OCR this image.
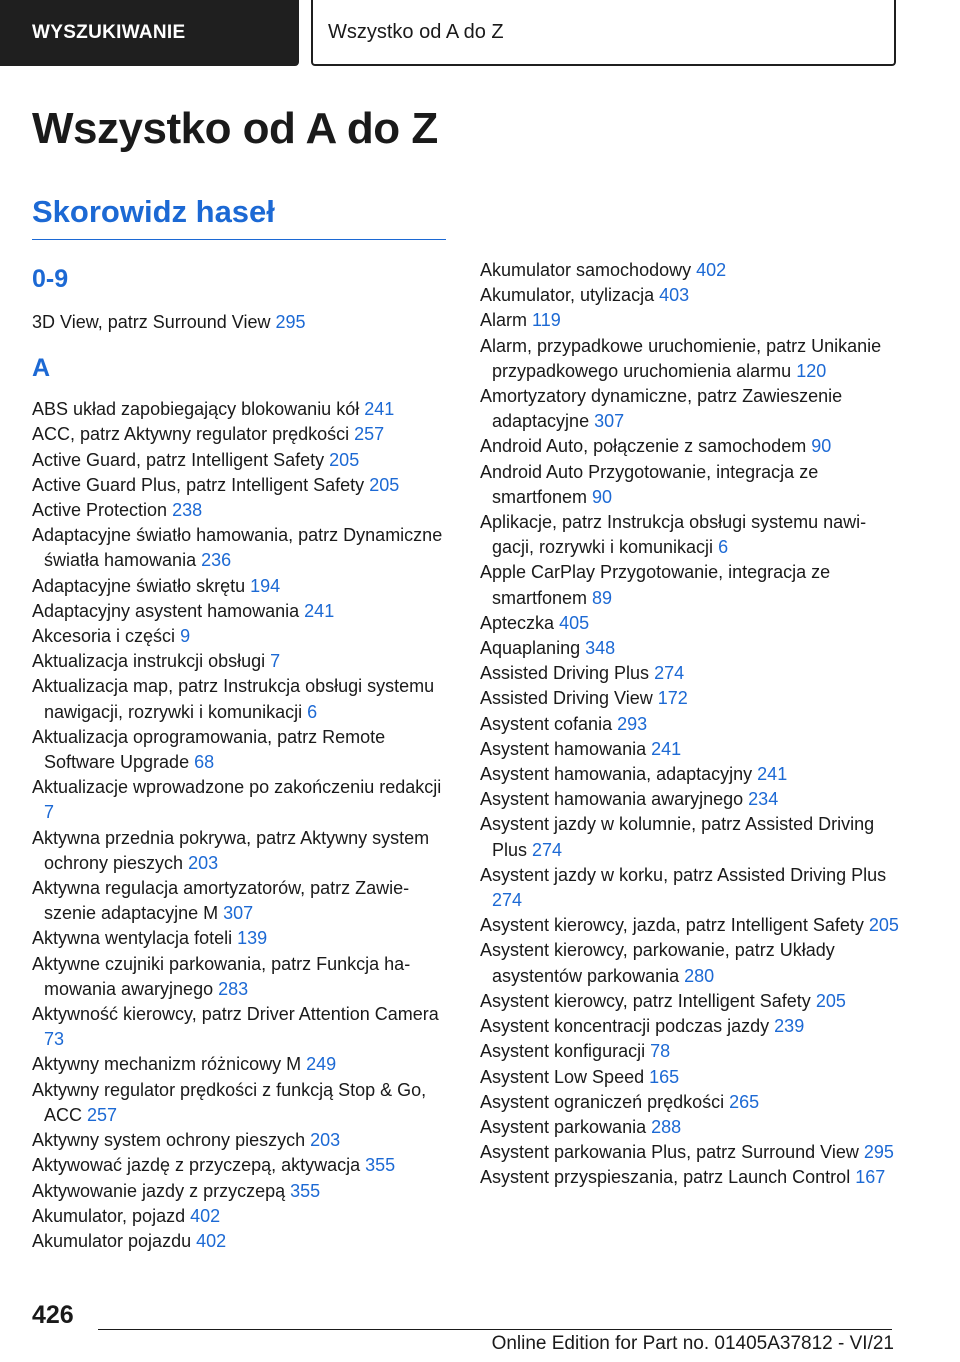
WYSZUKIWANIE	Wszystko od A do Z
Wszystko od A do Z
Skorowidz haseł
0-9
3D View, patrz Surround View 295
A
ABS układ zapobiegający blokowaniu kół 241
ACC, patrz Aktywny regulator prędkości 257
Active Guard, patrz Intelligent Safety 205
Active Guard Plus, patrz Intelligent Safety 205
Active Protection 238
Adaptacyjne światło hamowania, patrz Dynamiczne światła hamowania 236
Adaptacyjne światło skrętu 194
Adaptacyjny asystent hamowania 241
Akcesoria i części 9
Aktualizacja instrukcji obsługi 7
Aktualizacja map, patrz Instrukcja obsługi systemu nawigacji, rozrywki i komunikacji 6
Aktualizacja oprogramowania, patrz Remote Software Upgrade 68
Aktualizacje wprowadzone po zakończeniu redakcji 7
Aktywna przednia pokrywa, patrz Aktywny system ochrony pieszych 203
Aktywna regulacja amortyzatorów, patrz Zawieszenie adaptacyjne M 307
Aktywna wentylacja foteli 139
Aktywne czujniki parkowania, patrz Funkcja hamowania awaryjnego 283
Aktywność kierowcy, patrz Driver Attention Camera 73
Aktywny mechanizm różnicowy M 249
Aktywny regulator prędkości z funkcją Stop & Go, ACC 257
Aktywny system ochrony pieszych 203
Aktywować jazdę z przyczepą, aktywacja 355
Aktywowanie jazdy z przyczepą 355
Akumulator, pojazd 402
Akumulator pojazdu 402
Akumulator samochodowy 402
Akumulator, utylizacja 403
Alarm 119
Alarm, przypadkowe uruchomienie, patrz Unikanie przypadkowego uruchomienia alarmu 120
Amortyzatory dynamiczne, patrz Zawieszenie adaptacyjne 307
Android Auto, połączenie z samochodem 90
Android Auto Przygotowanie, integracja ze smartfonem 90
Aplikacje, patrz Instrukcja obsługi systemu nawigacji, rozrywki i komunikacji 6
Apple CarPlay Przygotowanie, integracja ze smartfonem 89
Apteczka 405
Aquaplaning 348
Assisted Driving Plus 274
Assisted Driving View 172
Asystent cofania 293
Asystent hamowania 241
Asystent hamowania, adaptacyjny 241
Asystent hamowania awaryjnego 234
Asystent jazdy w kolumnie, patrz Assisted Driving Plus 274
Asystent jazdy w korku, patrz Assisted Driving Plus 274
Asystent kierowcy, jazda, patrz Intelligent Safety 205
Asystent kierowcy, parkowanie, patrz Układy asystentów parkowania 280
Asystent kierowcy, patrz Intelligent Safety 205
Asystent koncentracji podczas jazdy 239
Asystent konfiguracji 78
Asystent Low Speed 165
Asystent ograniczeń prędkości 265
Asystent parkowania 288
Asystent parkowania Plus, patrz Surround View 295
Asystent przyspieszania, patrz Launch Control 167
426
Online Edition for Part no. 01405A37812 - VI/21
